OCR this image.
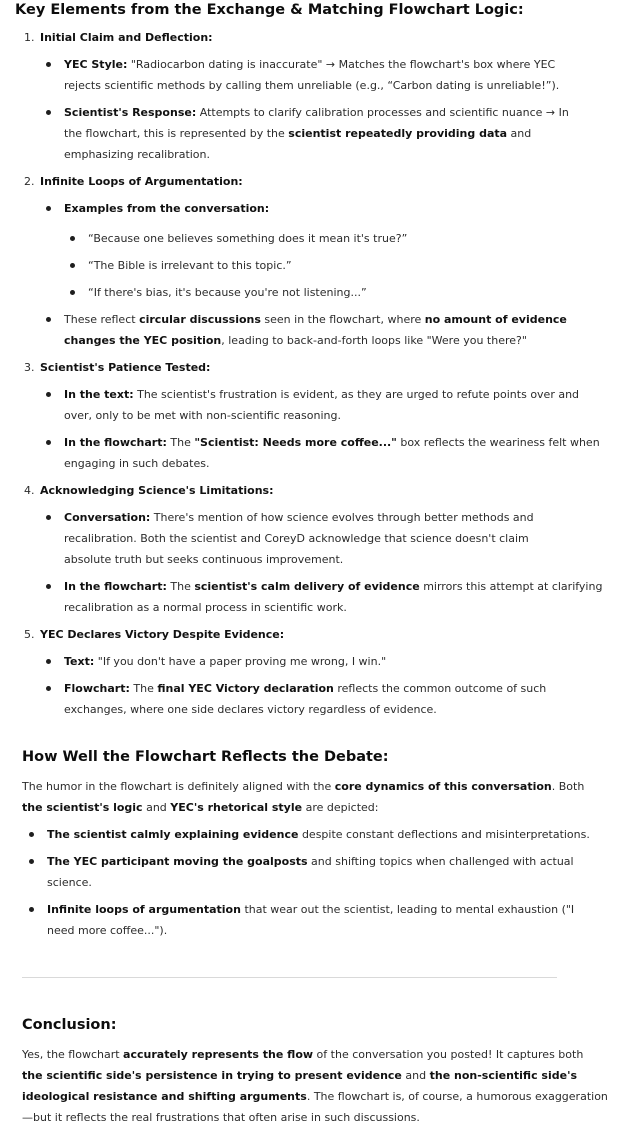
Key Elements from the Exchange & Matching Flowchart Logic:
1. Initial Claim and Deflection:
YEC Style: "Radiocarbon dating is inaccurate" → Matches the flowchart's box where YEC
rejects scientific methods by calling them unreliable (e.g., “Carbon dating is unreliable!”).
Scientist's Response: Attempts to clarify calibration processes and scientific nuance → In
the flowchart, this is represented by the scientist repeatedly providing data and
emphasizing recalibration.
2. Infinite Loops of Argumentation:
Examples from the conversation:
“Because one believes something does it mean it's true?”
“The Bible is irrelevant to this topic.”
“If there's bias, it's because you're not listening...”
These reflect circular discussions seen in the flowchart, where no amount of evidence
changes the YEC position, leading to back-and-forth loops like "Were you there?"
3. Scientist's Patience Tested:
In the text: The scientist's frustration is evident, as they are urged to refute points over and
over, only to be met with non-scientific reasoning.
In the flowchart: The "Scientist: Needs more coffee..." box reflects the weariness felt when
engaging in such debates.
4. Acknowledging Science's Limitations:
Conversation: There's mention of how science evolves through better methods and
recalibration. Both the scientist and CoreyD acknowledge that science doesn't claim
absolute truth but seeks continuous improvement.
In the flowchart: The scientist's calm delivery of evidence mirrors this attempt at clarifying
recalibration as a normal process in scientific work.
5. YEC Declares Victory Despite Evidence:
Text: "If you don't have a paper proving me wrong, I win."
Flowchart: The final YEC Victory declaration reflects the common outcome of such
exchanges, where one side declares victory regardless of evidence.
How Well the Flowchart Reflects the Debate:
The humor in the flowchart is definitely aligned with the core dynamics of this conversation. Both
the scientist's logic and YEC's rhetorical style are depicted:
The scientist calmly explaining evidence despite constant deflections and misinterpretations.
The YEC participant moving the goalposts and shifting topics when challenged with actual
science.
Infinite loops of argumentation that wear out the scientist, leading to mental exhaustion ("I
need more coffee...").
Conclusion:
Yes, the flowchart accurately represents the flow of the conversation you posted! It captures both
the scientific side's persistence in trying to present evidence and the non-scientific side's
ideological resistance and shifting arguments. The flowchart is, of course, a humorous exaggeration
—but it reflects the real frustrations that often arise in such discussions.
